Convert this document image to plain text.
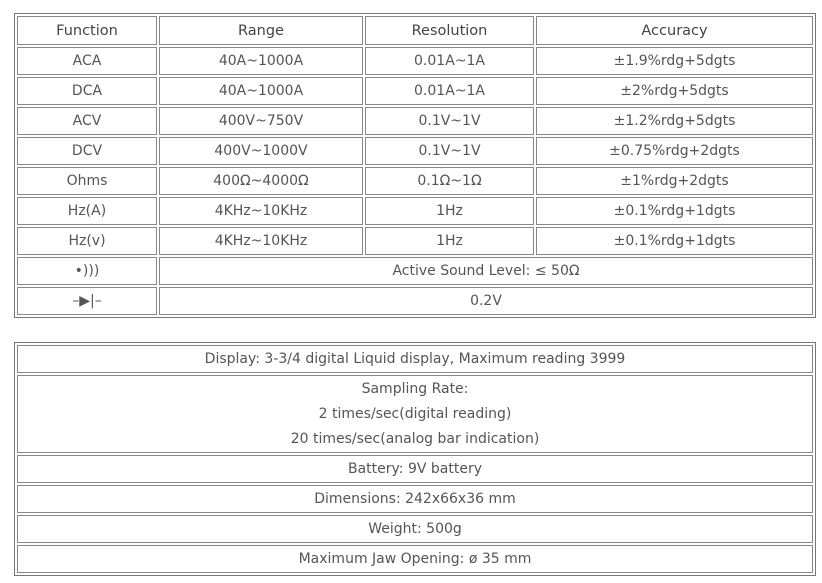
Function	Range	Resolution	Accuracy
ACA	40A~1000A	0.01A~1A	±1.9%rdg+5dgts
DCA	40A~1000A	0.01A~1A	±2%rdg+5dgts
ACV	400V~750V	0.1V~1V	±1.2%rdg+5dgts
DCV	400V~1000V	0.1V~1V	±0.75%rdg+2dgts
Ohms	400Ω~4000Ω	0.1Ω~1Ω	±1%rdg+2dgts
Hz(A)	4KHz~10KHz	1Hz	±0.1%rdg+1dgts
Hz(v)	4KHz~10KHz	1Hz	±0.1%rdg+1dgts
•)))	Active Sound Level: ≤ 50Ω		
–▶|–	0.2V		
Display: 3-3/4 digital Liquid display, Maximum reading 3999

Sampling Rate:
2 times/sec(digital reading)
20 times/sec(analog bar indication)

Battery: 9V battery
Dimensions: 242x66x36 mm
Weight: 500g
Maximum Jaw Opening: ø 35 mm
